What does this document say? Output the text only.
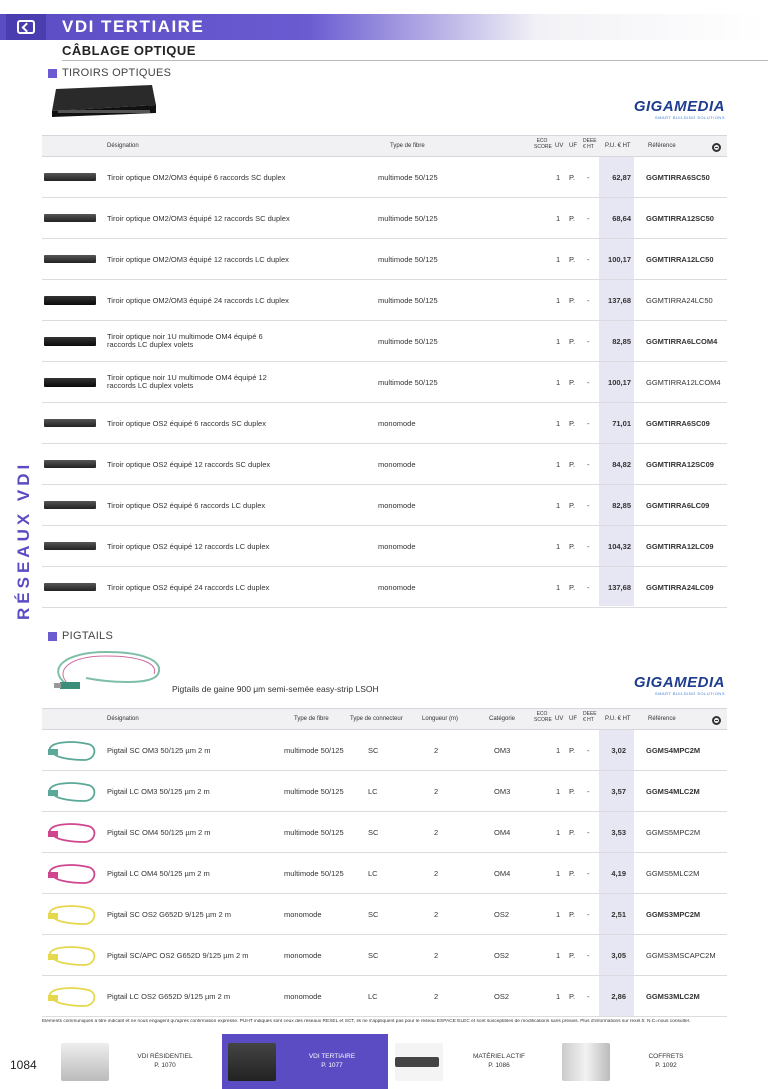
VDI TERTIAIRE
CÂBLAGE OPTIQUE
RÉSEAUX VDI
TIROIRS OPTIQUES
GIGAMEDIA
SMART BUILDING SOLUTIONS
Désignation	Type de fibre
ECO SCORE UV UF
DEEE € HT	P.U. € HT	Référence
Tiroir optique OM2/OM3 équipé 6 raccords SC duplex	multimode 50/125	1 P. -	62,87 GGMTIRRA6SC50
Tiroir optique OM2/OM3 équipé 12 raccords SC duplex	multimode 50/125	1 P. -	68,64 GGMTIRRA12SC50
Tiroir optique OM2/OM3 équipé 12 raccords LC duplex	multimode 50/125	1 P. -	100,17 GGMTIRRA12LC50
Tiroir optique OM2/OM3 équipé 24 raccords LC duplex	multimode 50/125	1 P. -	137,68 GGMTIRRA24LC50
Tiroir optique noir 1U multimode OM4 équipé 6 raccords LC duplex volets	multimode 50/125	1 P. -	82,85 GGMTIRRA6LCOM4
Tiroir optique noir 1U multimode OM4 équipé 12 raccords LC duplex volets	multimode 50/125	1 P. -	100,17 GGMTIRRA12LCOM4
Tiroir optique OS2 équipé 6 raccords SC duplex	monomode	1 P. -	71,01 GGMTIRRA6SC09
Tiroir optique OS2 équipé 12 raccords SC duplex	monomode	1 P. -	84,82 GGMTIRRA12SC09
Tiroir optique OS2 équipé 6 raccords LC duplex	monomode	1 P. -	82,85 GGMTIRRA6LC09
Tiroir optique OS2 équipé 12 raccords LC duplex	monomode	1 P. -	104,32 GGMTIRRA12LC09
Tiroir optique OS2 équipé 24 raccords LC duplex	monomode	1 P. -	137,68 GGMTIRRA24LC09
PIGTAILS
Pigtails de gaine 900 μm semi-semée easy-strip LSOH	GIGAMEDIA
SMART BUILDING SOLUTIONS
Désignation	Type de fibre	Type de connecteur	Longueur (m)	Catégorie
ECO SCORE UV UF
DEEE € HT	P.U. € HT	Référence
Pigtail SC OM3 50/125 µm 2 m	multimode 50/125	SC	2	OM3	1 P. -	3,02	GGMS4MPC2M
Pigtail LC OM3 50/125 µm 2 m	multimode 50/125	LC	2	OM3	1 P. -	3,57	GGMS4MLC2M
Pigtail SC OM4 50/125 µm 2 m	multimode 50/125	SC	2	OM4	1 P. -	3,53	GGMS5MPC2M
Pigtail LC OM4 50/125 µm 2 m	multimode 50/125	LC	2	OM4	1 P. -	4,19	GGMS5MLC2M
Pigtail SC OS2 G652D 9/125 µm 2 m	monomode	SC	2	OS2	1 P. -	2,51	GGMS3MPC2M
Pigtail SC/APC OS2 G652D 9/125 µm 2 m	monomode	SC	2	OS2	1 P. -	3,05	GGMS3MSCAPC2M
Pigtail LC OS2 G652D 9/125 µm 2 m	monomode	LC	2	OS2	1 P. -	2,86	GGMS3MLC2M
Éléments communiqués à titre indicatif et ne nous engagent qu'après confirmation expresse. PUHT indiqués sont ceux des réseaux REXEL et SCT, ils ne s'appliquent pas pour le réseau ESPACE ELEC et sont susceptibles de modifications sans préavis. Plus d'informations sur rexel.fr. N.C=nous consulter.
1084
VDI RÉSIDENTIEL
P. 1070
VDI TERTIAIRE
P. 1077
MATÉRIEL ACTIF
P. 1086
COFFRETS
P. 1092
